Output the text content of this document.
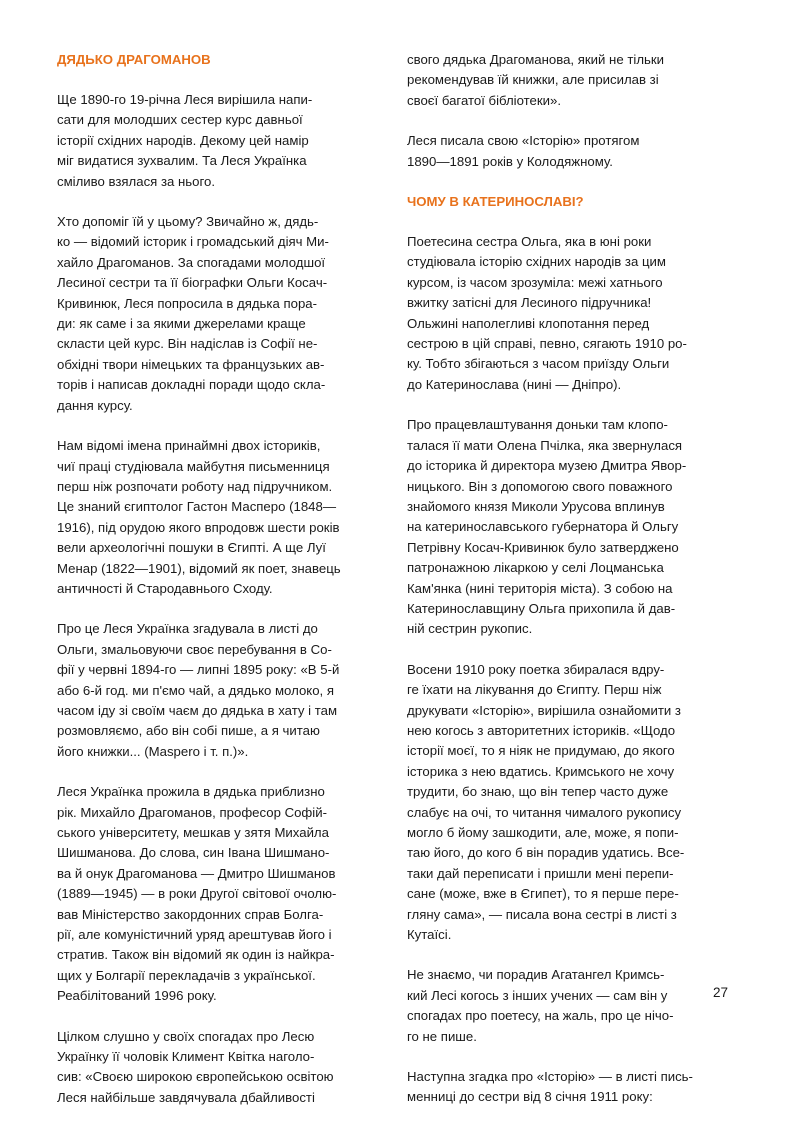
ДЯДЬКО ДРАГОМАНОВ
Ще 1890-го 19-річна Леся вирішила напи-
сати для молодших сестер курс давньої
історії східних народів. Декому цей намір
міг видатися зухвалим. Та Леся Українка
сміливо взялася за нього.
Хто допоміг їй у цьому? Звичайно ж, дядь-
ко — відомий історик і громадський діяч Ми-
хайло Драгоманов. За спогадами молодшої
Лесиної сестри та її біографки Ольги Косач-
Кривинюк, Леся попросила в дядька пора-
ди: як саме і за якими джерелами краще
скласти цей курс. Він надіслав із Софії не-
обхідні твори німецьких та французьких ав-
торів і написав докладні поради щодо скла-
дання курсу.
Нам відомі імена принаймні двох істориків,
чиї праці студіювала майбутня письменниця
перш ніж розпочати роботу над підручником.
Це знаний єгиптолог Гастон Масперо (1848—
1916), під орудою якого впродовж шести років
вели археологічні пошуки в Єгипті. А ще Луї
Менар (1822—1901), відомий як поет, знавець
античності й Стародавнього Сходу.
Про це Леся Українка згадувала в листі до
Ольги, змальовуючи своє перебування в Со-
фії у червні 1894-го — липні 1895 року: «В 5-й
або 6-й год. ми п'ємо чай, а дядько молоко, я
часом іду зі своїм чаєм до дядька в хату і там
розмовляємо, або він собі пише, а я читаю
його книжки... (Maspero і т. п.)».
Леся Українка прожила в дядька приблизно
рік. Михайло Драгоманов, професор Софій-
ського університету, мешкав у зятя Михайла
Шишманова. До слова, син Івана Шишмано-
ва й онук Драгоманова — Дмитро Шишманов
(1889—1945) — в роки Другої світової очолю-
вав Міністерство закордонних справ Болга-
рії, але комуністичний уряд арештував його і
стратив. Також він відомий як один із найкра-
щих у Болгарії перекладачів з української.
Реабілітований 1996 року.
Цілком слушно у своїх спогадах про Лесю
Українку її чоловік Климент Квітка наголо-
сив: «Своєю широкою європейською освітою
Леся найбільше завдячувала дбайливості
свого дядька Драгоманова, який не тільки
рекомендував їй книжки, але присилав зі
своєї багатої бібліотеки».
Леся писала свою «Історію» протягом
1890—1891 років у Колодяжному.
ЧОМУ В КАТЕРИНОСЛАВІ?
Поетесина сестра Ольга, яка в юні роки
студіювала історію східних народів за цим
курсом, із часом зрозуміла: межі хатнього
вжитку затісні для Лесиного підручника!
Ольжині наполегливі клопотання перед
сестрою в цій справі, певно, сягають 1910 ро-
ку. Тобто збігаються з часом приїзду Ольги
до Катеринослава (нині — Дніпро).
Про працевлаштування доньки там клопо-
талася її мати Олена Пчілка, яка звернулася
до історика й директора музею Дмитра Явор-
ницького. Він з допомогою свого поважного
знайомого князя Миколи Урусова вплинув
на катеринославського губернатора й Ольгу
Петрівну Косач-Кривинюк було затверджено
патронажною лікаркою у селі Лоцманська
Кам'янка (нині територія міста). З собою на
Катеринославщину Ольга прихопила й дав-
ній сестрин рукопис.
Восени 1910 року поетка збиралася вдру-
ге їхати на лікування до Єгипту. Перш ніж
друкувати «Історію», вирішила ознайомити з
нею когось з авторитетних істориків. «Щодо
історії моєї, то я ніяк не придумаю, до якого
історика з нею вдатись. Кримського не хочу
трудити, бо знаю, що він тепер часто дуже
слабує на очі, то читання чималого рукопису
могло б йому зашкодити, але, може, я попи-
таю його, до кого б він порадив удатись. Все-
таки дай переписати і пришли мені перепи-
сане (може, вже в Єгипет), то я перше пере-
гляну сама», — писала вона сестрі в листі з
Кутаїсі.
Не знаємо, чи порадив Агатангел Кримсь-
кий Лесі когось з інших учених — сам він у
спогадах про поетесу, на жаль, про це нічо-
го не пише.
Наступна згадка про «Історію» — в листі пись-
менниці до сестри від 8 січня 1911 року:
27
